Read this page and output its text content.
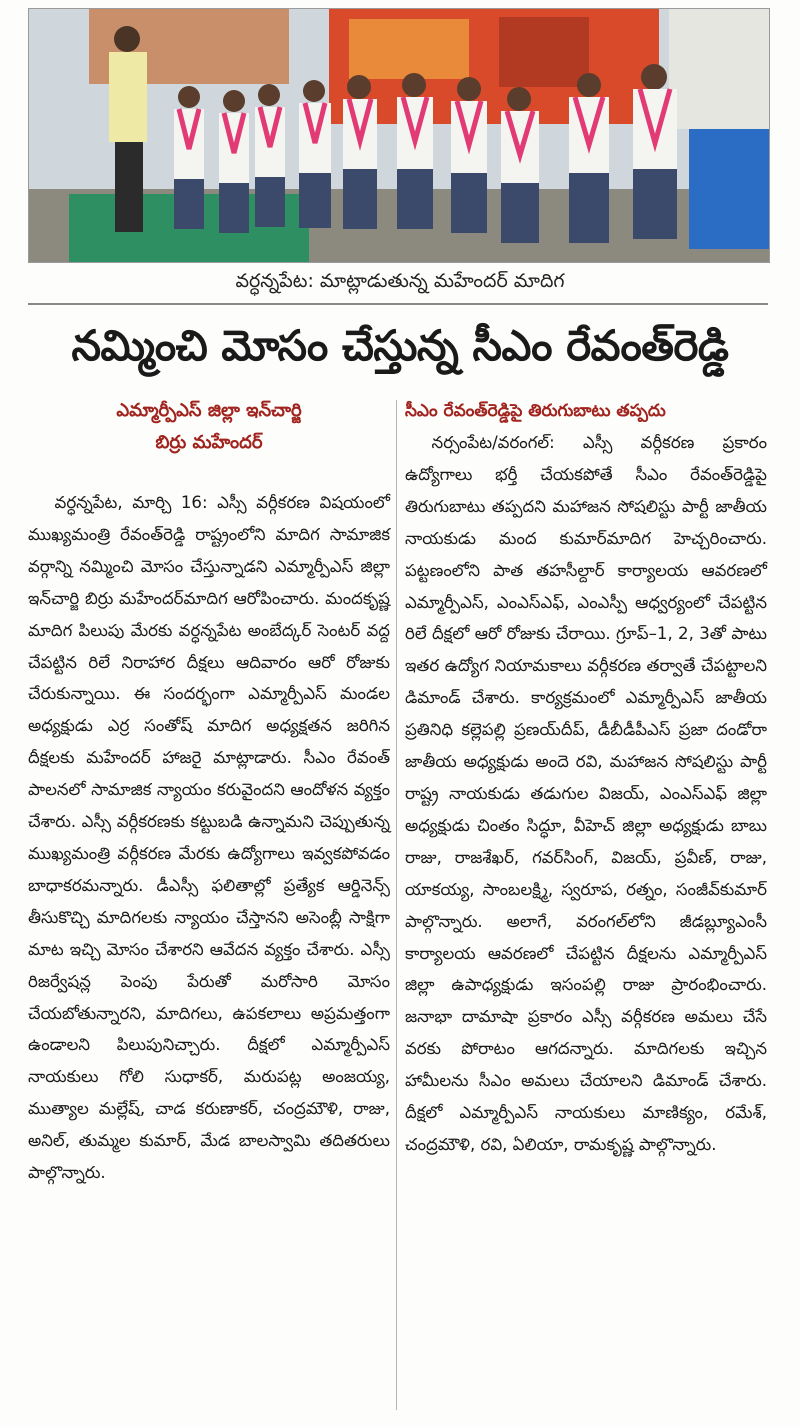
వర్ధన్నపేట: మాట్లాడుతున్న మహేందర్ మాదిగ
నమ్మించి మోసం చేస్తున్న సీఎం రేవంత్‌రెడ్డి
ఎమ్మార్పీఎస్ జిల్లా ఇన్‌చార్జి
బిర్రు మహేందర్

వర్ధన్నపేట, మార్చి 16: ఎస్సీ వర్గీకరణ విషయంలో ముఖ్యమంత్రి రేవంత్‌రెడ్డి రాష్ట్రంలోని మాదిగ సామాజిక వర్గాన్ని నమ్మించి మోసం చేస్తున్నాడని ఎమ్మార్పీఎస్ జిల్లా ఇన్‌చార్జి బిర్రు మహేందర్‌మాదిగ ఆరోపించారు. మందకృష్ణ మాదిగ పిలుపు మేరకు వర్ధన్నపేట అంబేద్కర్ సెంటర్ వద్ద చేపట్టిన రిలే నిరాహార దీక్షలు ఆదివారం ఆరో రోజుకు చేరుకున్నాయి. ఈ సందర్భంగా ఎమ్మార్పీఎస్ మండల అధ్యక్షుడు ఎర్ర సంతోష్ మాదిగ అధ్యక్షతన జరిగిన దీక్షలకు మహేందర్ హాజరై మాట్లాడారు. సీఎం రేవంత్ పాలనలో సామాజిక న్యాయం కరువైందని ఆందోళన వ్యక్తం చేశారు. ఎస్సీ వర్గీకరణకు కట్టుబడి ఉన్నామని చెప్పుతున్న ముఖ్యమంత్రి వర్గీకరణ మేరకు ఉద్యోగాలు ఇవ్వకపోవడం బాధాకరమన్నారు. డీఎస్సీ ఫలితాల్లో ప్రత్యేక ఆర్డినెన్స్ తీసుకొచ్చి మాదిగలకు న్యాయం చేస్తానని అసెంబ్లీ సాక్షిగా మాట ఇచ్చి మోసం చేశారని ఆవేదన వ్యక్తం చేశారు. ఎస్సీ రిజర్వేషన్ల పెంపు పేరుతో మరోసారి మోసం చేయబోతున్నారని, మాదిగలు, ఉపకలాలు అప్రమత్తంగా ఉండాలని పిలుపునిచ్చారు. దీక్షలో ఎమ్మార్పీఎస్ నాయకులు గోలి సుధాకర్, మరుపట్ల అంజయ్య, ముత్యాల మల్లేష్, చాడ కరుణాకర్, చంద్రమౌళి, రాజు, అనిల్, తుమ్మల కుమార్, మేడ బాలస్వామి తదితరులు పాల్గొన్నారు.

సీఎం రేవంత్‌రెడ్డిపై తిరుగుబాటు తప్పదు

నర్సంపేట/వరంగల్: ఎస్సీ వర్గీకరణ ప్రకారం ఉద్యోగాలు భర్తీ చేయకపోతే సీఎం రేవంత్‌రెడ్డిపై తిరుగుబాటు తప్పదని మహాజన సోషలిస్టు పార్టీ జాతీయ నాయకుడు మంద కుమార్‌మాదిగ హెచ్చరించారు. పట్టణంలోని పాత తహసీల్దార్ కార్యాలయ ఆవరణలో ఎమ్మార్పీఎస్, ఎంఎస్ఎఫ్, ఎంఎస్పీ ఆధ్వర్యంలో చేపట్టిన రిలే దీక్షలో ఆరో రోజుకు చేరాయి. గ్రూప్–1, 2, 3తో పాటు ఇతర ఉద్యోగ నియామకాలు వర్గీకరణ తర్వాతే చేపట్టాలని డిమాండ్ చేశారు. కార్యక్రమంలో ఎమ్మార్పీఎస్ జాతీయ ప్రతినిధి కల్లెపల్లి ప్రణయ్‌దీప్, డీబీడీపీఎస్ ప్రజా దండోరా జాతీయ అధ్యక్షుడు అందె రవి, మహాజన సోషలిస్టు పార్టీ రాష్ట్ర నాయకుడు తడుగుల విజయ్, ఎంఎస్ఎఫ్ జిల్లా అధ్యక్షుడు చింతం సిద్ధూ, వీహెచ్ జిల్లా అధ్యక్షుడు బాబు రాజు, రాజశేఖర్, గవర్‌సింగ్, విజయ్, ప్రవీణ్, రాజు, యాకయ్య, సాంబలక్ష్మి, స్వరూప, రత్నం, సంజీవ్‌కుమార్ పాల్గొన్నారు. అలాగే, వరంగల్‌లోని జీడబ్ల్యూఎంసీ కార్యాలయ ఆవరణలో చేపట్టిన దీక్షలను ఎమ్మార్పీఎస్ జిల్లా ఉపాధ్యక్షుడు ఇసంపల్లి రాజు ప్రారంభించారు. జనాభా దామాషా ప్రకారం ఎస్సీ వర్గీకరణ అమలు చేసే వరకు పోరాటం ఆగదన్నారు. మాదిగలకు ఇచ్చిన హామీలను సీఎం అమలు చేయాలని డిమాండ్ చేశారు. దీక్షలో ఎమ్మార్పీఎస్ నాయకులు మాణిక్యం, రమేశ్, చంద్రమౌళి, రవి, ఏలియా, రామకృష్ణ పాల్గొన్నారు.
